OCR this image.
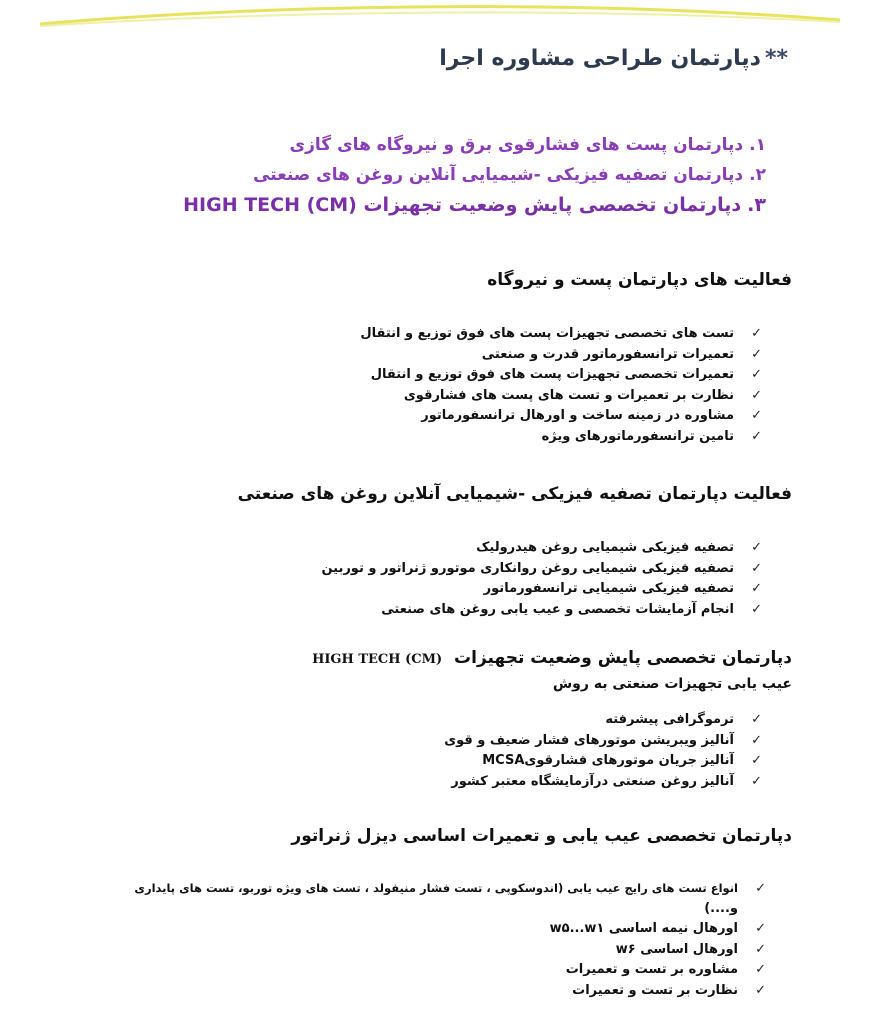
**دپارتمان طراحی مشاوره اجرا
۱.دپارتمان پست های فشارقوی برق و نیروگاه های گازی
۲.دپارتمان تصفیه فیزیکی -شیمیایی آنلاین روغن های صنعتی
۳.دپارتمان تخصصی پایش وضعیت تجهیزات HIGH TECH (CM)
فعالیت های دپارتمان پست و نیروگاه
✓تست های تخصصی تجهیزات پست های فوق توزیع و انتقال
✓تعمیرات ترانسفورماتور قدرت و صنعتی
✓تعمیرات تخصصی تجهیزات پست های فوق توزیع و انتقال
✓نظارت بر تعمیرات و تست های پست های فشارقوی
✓مشاوره در زمینه ساخت و اورهال ترانسفورماتور
✓تامین ترانسفورماتورهای ویژه
فعالیت دپارتمان تصفیه فیزیکی -شیمیایی آنلاین روغن های صنعتی
✓تصفیه فیزیکی شیمیایی روغن هیدرولیک
✓تصفیه فیزیکی شیمیایی روغن روانکاری موتورو ژنراتور و توربین
✓تصفیه فیزیکی شیمیایی ترانسفورماتور
✓انجام آزمایشات تخصصی و عیب یابی روغن های صنعتی
دپارتمان تخصصی پایش وضعیت تجهیزات HIGH TECH (CM)
عیب یابی تجهیزات صنعتی به روش
✓ترموگرافی پیشرفته
✓آنالیز ویبریشن موتورهای فشار ضعیف و قوی
✓آنالیز جریان موتورهای فشارقویMCSA
✓آنالیز روغن صنعتی درآزمایشگاه معتبر کشور
دپارتمان تخصصی عیب یابی و تعمیرات اساسی دیزل ژنراتور
✓انواع تست های رایج عیب یابی (اندوسکوپی ، تست فشار منیفولد ، تست های ویژه توربو، تست های پایداری
و....)
✓اورهال نیمه اساسی w۵...w۱
✓اورهال اساسی w۶
✓مشاوره بر تست و تعمیرات
✓نظارت بر تست و تعمیرات
